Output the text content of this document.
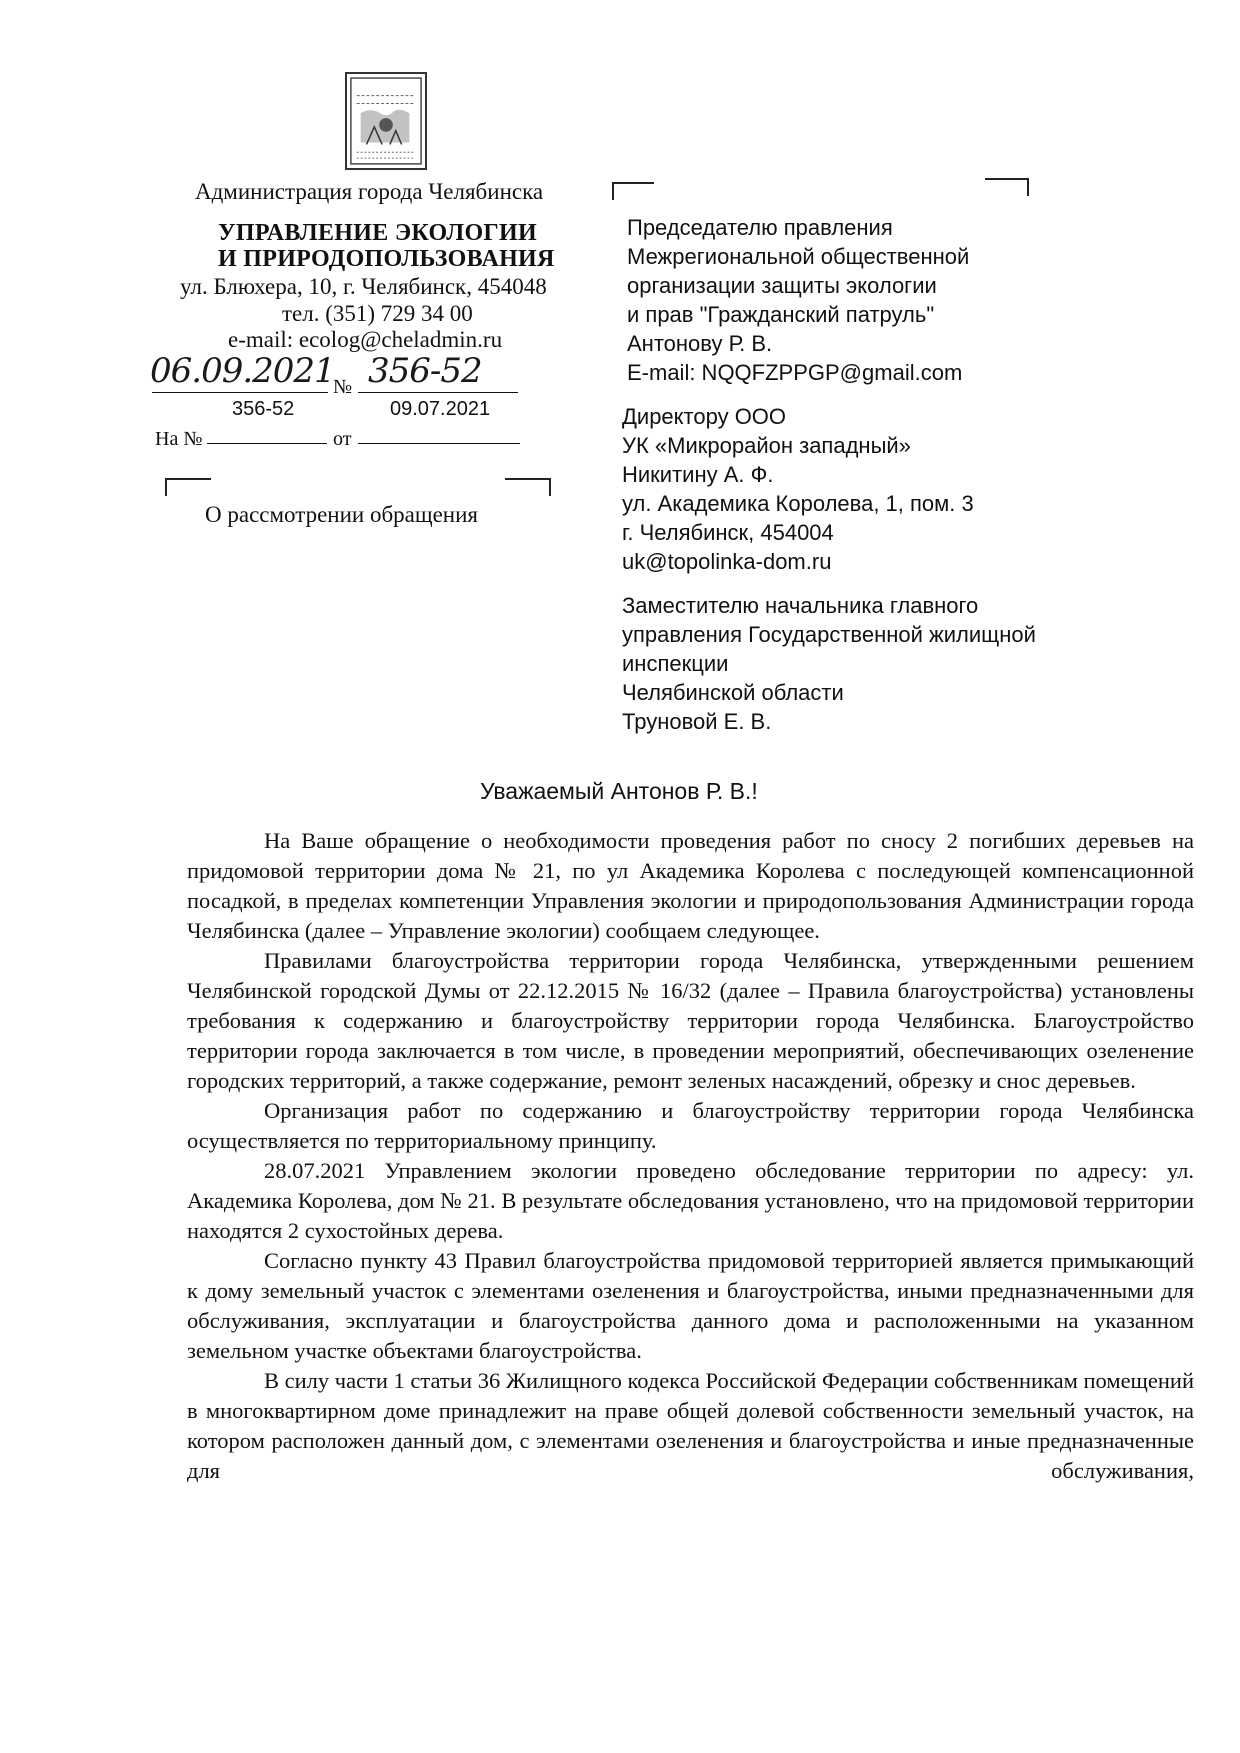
Администрация города Челябинска
УПРАВЛЕНИЕ ЭКОЛОГИИ
И ПРИРОДОПОЛЬЗОВАНИЯ
ул. Блюхера, 10, г. Челябинск, 454048
тел. (351) 729 34 00
e-mail: ecolog@cheladmin.ru
06.09.2021
№ 356-52
356-52	09.07.2021
На №	от
О рассмотрении обращения
Председателю правления
Межрегиональной общественной
организации защиты экологии
и прав "Гражданский патруль"
Антонову Р. В.
E-mail: NQQFZPPGP@gmail.com
Директору ООО
УК «Микрорайон западный»
Никитину А. Ф.
ул. Академика Королева, 1, пом. 3
г. Челябинск, 454004
uk@topolinka-dom.ru
Заместителю начальника главного
управления Государственной жилищной
инспекции
Челябинской области
Труновой Е. В.
Уважаемый Антонов Р. В.!

На Ваше обращение о необходимости проведения работ по сносу 2 погибших деревьев на придомовой территории дома № 21, по ул Академика Королева с последующей компенсационной посадкой, в пределах компетенции Управления экологии и природопользования Администрации города Челябинска (далее – Управление экологии) сообщаем следующее.

Правилами благоустройства территории города Челябинска, утвержденными решением Челябинской городской Думы от 22.12.2015 № 16/32 (далее – Правила благоустройства) установлены требования к содержанию и благоустройству территории города Челябинска. Благоустройство территории города заключается в том числе, в проведении мероприятий, обеспечивающих озеленение городских территорий, а также содержание, ремонт зеленых насаждений, обрезку и снос деревьев.

Организация работ по содержанию и благоустройству территории города Челябинска осуществляется по территориальному принципу.

28.07.2021 Управлением экологии проведено обследование территории по адресу: ул. Академика Королева, дом № 21. В результате обследования установлено, что на придомовой территории находятся 2 сухостойных дерева.

Согласно пункту 43 Правил благоустройства придомовой территорией является примыкающий к дому земельный участок с элементами озеленения и благоустройства, иными предназначенными для обслуживания, эксплуатации и благоустройства данного дома и расположенными на указанном земельном участке объектами благоустройства.

В силу части 1 статьи 36 Жилищного кодекса Российской Федерации собственникам помещений в многоквартирном доме принадлежит на праве общей долевой собственности земельный участок, на котором расположен данный дом, с элементами озеленения и благоустройства и иные предназначенные для обслуживания,
